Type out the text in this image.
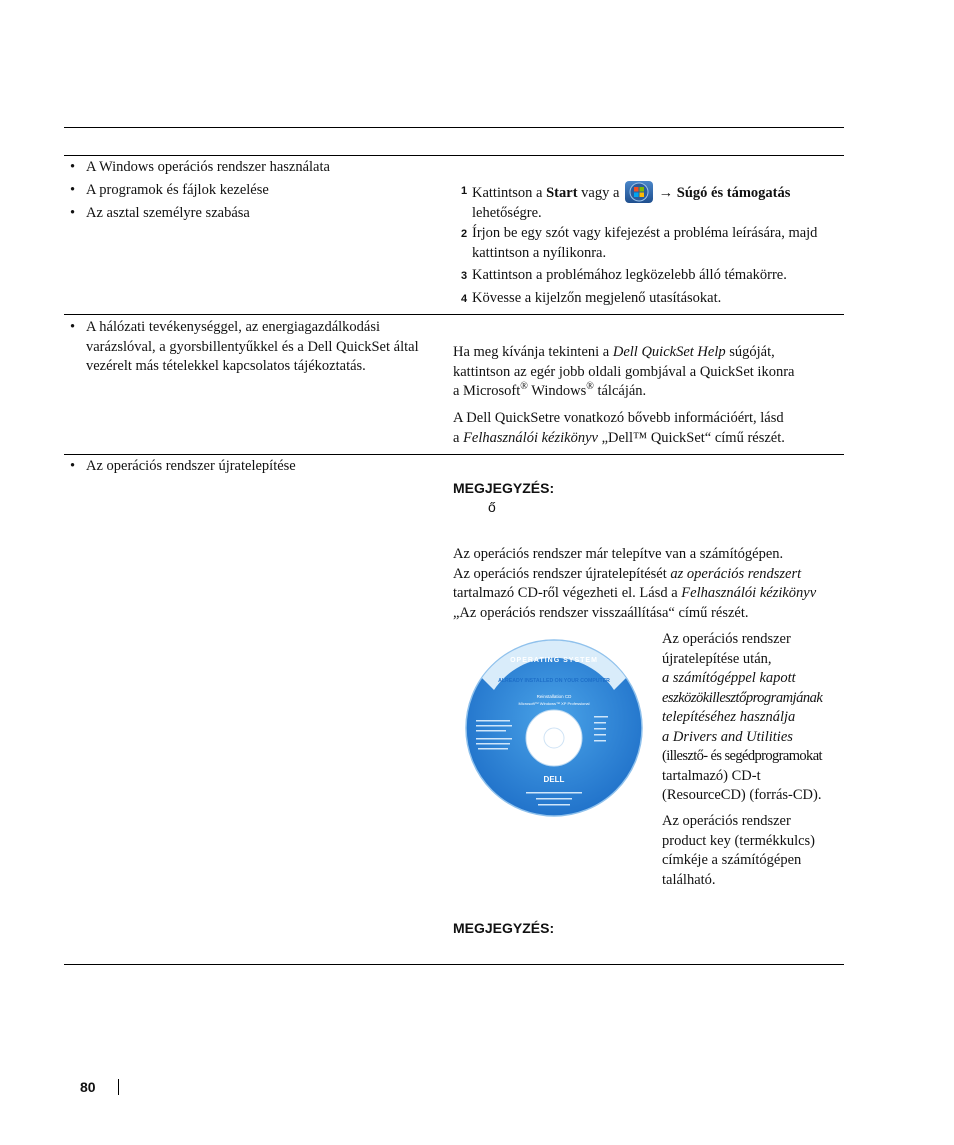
• A Windows operációs rendszer használata
• A programok és fájlok kezelése
• Az asztal személyre szabása
1 Kattintson a Start vagy a
→ Súgó és támogatás
lehetőségre.
2 Írjon be egy szót vagy kifejezést a probléma leírására, majd
kattintson a nyílikonra.
3 Kattintson a problémához legközelebb álló témakörre.
4 Kövesse a kijelzőn megjelenő utasításokat.
• A hálózati tevékenységgel, az energiagazdálkodási
varázslóval, a gyorsbillentyűkkel és a Dell QuickSet által
vezérelt más tételekkel kapcsolatos tájékoztatás.
Ha meg kívánja tekinteni a Dell QuickSet Help súgóját,
kattintson az egér jobb oldali gombjával a QuickSet ikonra
a Microsoft® Windows® tálcáján.
A Dell QuickSetre vonatkozó bővebb információért, lásd
a Felhasználói kézikönyv „Dell™ QuickSet“ című részét.
• Az operációs rendszer újratelepítése
MEGJEGYZÉS:
ő
Az operációs rendszer már telepítve van a számítógépen.
Az operációs rendszer újratelepítését az operációs rendszert
tartalmazó CD-ről végezheti el. Lásd a Felhasználói kézikönyv
„Az operációs rendszer visszaállítása“ című részét.
OPERATING SYSTEM
ALREADY INSTALLED ON YOUR COMPUTER
Reinstallation CD
Microsoft™ Windows™ XP Professional
DELL
Az operációs rendszer
újratelepítése után,
a számítógéppel kapott
eszközökillesztőprogramjának
telepítéséhez használja
a Drivers and Utilities
(illesztő- és segédprogramokat
tartalmazó) CD-t
(ResourceCD) (forrás-CD).
Az operációs rendszer
product key (termékkulcs)
címkéje a számítógépen
található.
MEGJEGYZÉS:
80
